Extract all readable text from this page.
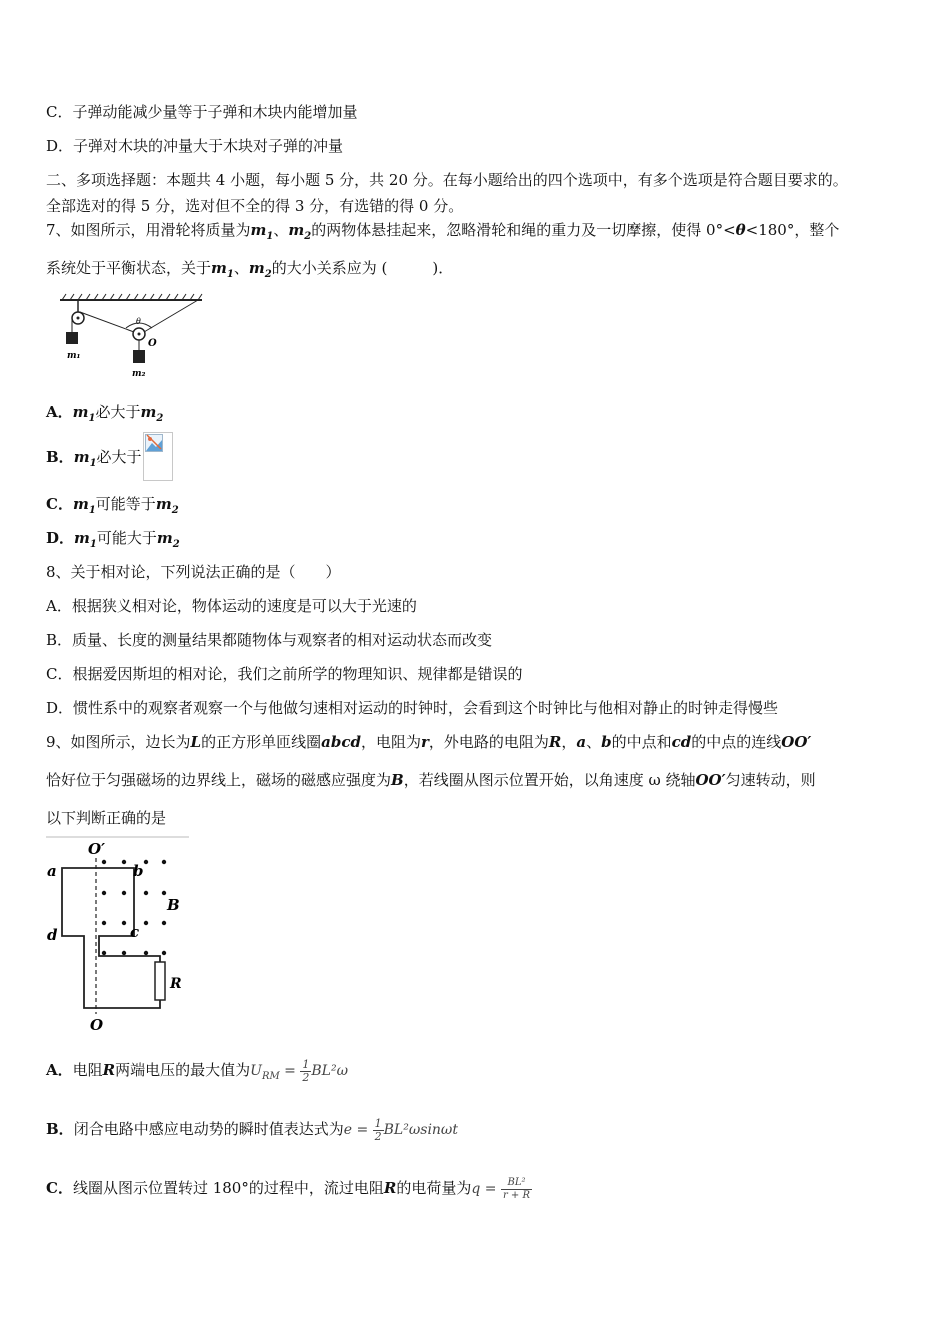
C．子弹动能减少量等于子弹和木块内能增加量
D．子弹对木块的冲量大于木块对子弹的冲量
二、多项选择题：本题共 4 小题，每小题 5 分，共 20 分。在每小题给出的四个选项中，有多个选项是符合题目要求的。
全部选对的得 5 分，选对但不全的得 3 分，有选错的得 0 分。
7、如图所示，用滑轮将质量为$m_1$、$m_2$的两物体悬挂起来，忽略滑轮和绳的重力及一切摩擦，使得 0°<θ<180°，整个
系统处于平衡状态，关于$m_1$、$m_2$的大小关系应为 (　　　)．
m₁
θ
O
m₂
A．$m_1$必大于$m_2$
B．$m_1$必大于
C．$m_1$可能等于$m_2$
D．$m_1$可能大于$m_2$
8、关于相对论，下列说法正确的是（　　）
A．根据狭义相对论，物体运动的速度是可以大于光速的
B．质量、长度的测量结果都随物体与观察者的相对运动状态而改变
C．根据爱因斯坦的相对论，我们之前所学的物理知识、规律都是错误的
D．惯性系中的观察者观察一个与他做匀速相对运动的时钟时，会看到这个时钟比与他相对静止的时钟走得慢些
9、如图所示，边长为L的正方形单匝线圈abcd，电阻为r，外电路的电阻为R，a、b的中点和cd的中点的连线OO′
恰好位于匀强磁场的边界线上，磁场的磁感应强度为B，若线圈从图示位置开始，以角速度 ω 绕轴OO′匀速转动，则
以下判断正确的是
O′
O
R
a	b
c
d
B
A．电阻R两端电压的最大值为$U_{RM} = \frac{1}{2} BL^2\omega$
B．闭合电路中感应电动势的瞬时值表达式为$e = \frac{1}{2} BL^2\omega\sin\omega t$
C．线圈从图示位置转过 180°的过程中，流过电阻R的电荷量为$q = \frac{\text{BL²}}{r + R}$
